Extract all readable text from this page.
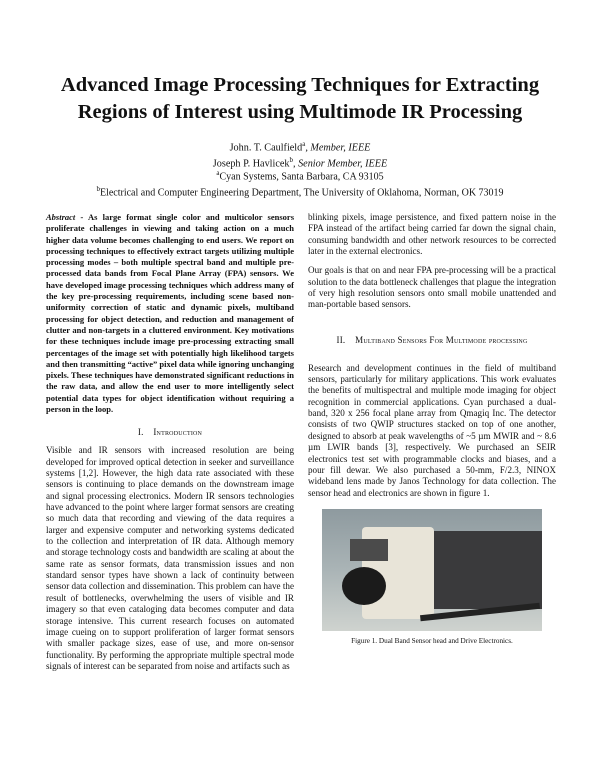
Advanced Image Processing Techniques for Extracting Regions of Interest using Multimode IR Processing
John. T. Caulfield$^a$, Member, IEEE
Joseph P. Havlicek$^b$, Senior Member, IEEE
$^a$Cyan Systems, Santa Barbara, CA 93105
$^b$Electrical and Computer Engineering Department, The University of Oklahoma, Norman, OK 73019

Abstract - As large format single color and multicolor sensors proliferate challenges in viewing and taking action on a much higher data volume becomes challenging to end users. We report on processing techniques to effectively extract targets utilizing multiple processing modes – both multiple spectral band and multiple pre-processed data bands from Focal Plane Array (FPA) sensors. We have developed image processing techniques which address many of the key pre-processing requirements, including scene based non-uniformity correction of static and dynamic pixels, multiband processing for object detection, and reduction and management of clutter and non-targets in a cluttered environment. Key motivations for these techniques include image pre-processing extracting small percentages of the image set with potentially high likelihood targets and then transmitting “active” pixel data while ignoring unchanging pixels. These techniques have demonstrated significant reductions in the raw data, and allow the end user to more intelligently select potential data types for object identification without requiring a person in the loop.

I. Introduction

Visible and IR sensors with increased resolution are being developed for improved optical detection in seeker and surveillance systems [1,2]. However, the high data rate associated with these sensors is continuing to place demands on the downstream image and signal processing electronics. Modern IR sensors technologies have advanced to the point where larger format sensors are creating so much data that recording and viewing of the data requires a larger and expensive computer and networking systems dedicated to the collection and interpretation of IR data. Although memory and storage technology costs and bandwidth are scaling at about the same rate as sensor formats, data transmission issues and non standard sensor types have shown a lack of continuity between sensor data collection and dissemination. This problem can have the result of bottlenecks, overwhelming the users of visible and IR imagery so that even cataloging data becomes computer and data storage intensive. This current research focuses on automated image cueing on to support proliferation of larger format sensors with smaller package sizes, ease of use, and more on-sensor functionality. By performing the appropriate multiple spectral mode signals of interest can be separated from noise and artifacts such as

blinking pixels, image persistence, and fixed pattern noise in the FPA instead of the artifact being carried far down the signal chain, consuming bandwidth and other network resources to be corrected later in the external electronics.

Our goals is that on and near FPA pre-processing will be a practical solution to the data bottleneck challenges that plague the integration of very high resolution sensors onto small mobile unattended and man-portable based sensors.

II. Multiband Sensors For Multimode processing

Research and development continues in the field of multiband sensors, particularly for military applications. This work evaluates the benefits of multispectral and multiple mode imaging for object recognition in commercial applications. Cyan purchased a dual-band, 320 x 256 focal plane array from Qmagiq Inc. The detector consists of two QWIP structures stacked on top of one another, designed to absorb at peak wavelengths of ~5 µm MWIR and ~ 8.6 µm LWIR bands [3], respectively. We purchased an SEIR electronics test set with programmable clocks and biases, and a pour fill dewar. We also purchased a 50-mm, F/2.3, NINOX wideband lens made by Janos Technology for data collection. The sensor head and electronics are shown in figure 1.

Figure 1. Dual Band Sensor head and Drive Electronics.
